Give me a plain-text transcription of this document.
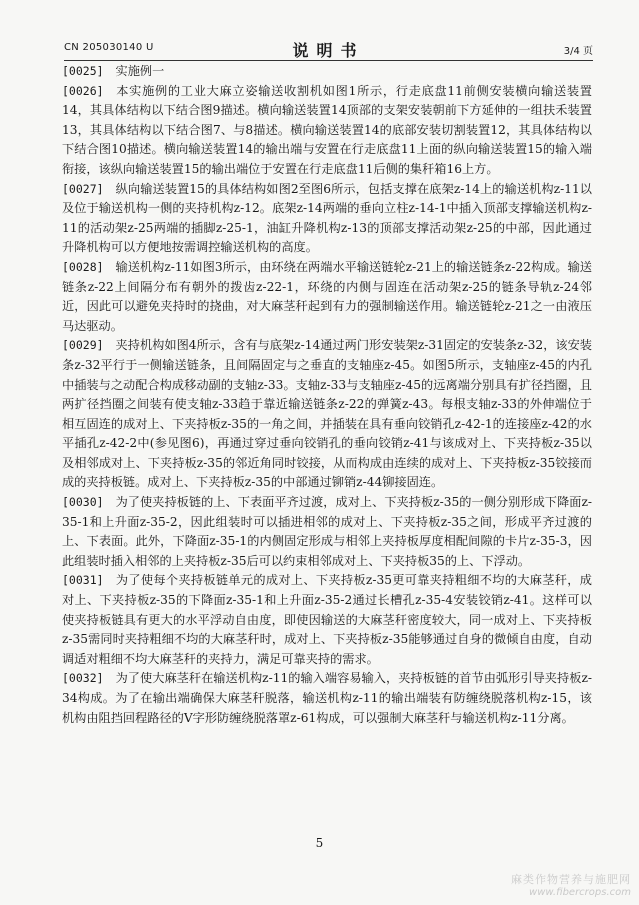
CN 205030140 U	说明书	3/4 页

[0025] 实施例一

[0026] 本实施例的工业大麻立姿输送收割机如图1所示，行走底盘11前侧安装横向输送装置14，其具体结构以下结合图9描述。横向输送装置14顶部的支架安装朝前下方延伸的一组扶禾装置13，其具体结构以下结合图7、与8描述。横向输送装置14的底部安装切割装置12，其具体结构以下结合图10描述。横向输送装置14的输出端与安置在行走底盘11上面的纵向输送装置15的输入端衔接，该纵向输送装置15的输出端位于安置在行走底盘11后侧的集秆箱16上方。

[0027] 纵向输送装置15的具体结构如图2至图6所示，包括支撑在底架z-14上的输送机构z-11以及位于输送机构一侧的夹持机构z-12。底架z-14两端的垂向立柱z-14-1中插入顶部支撑输送机构z-11的活动架z-25两端的插脚z-25-1，油缸升降机构z-13的顶部支撑活动架z-25的中部，因此通过升降机构可以方便地按需调控输送机构的高度。

[0028] 输送机构z-11如图3所示，由环绕在两端水平输送链轮z-21上的输送链条z-22构成。输送链条z-22上间隔分布有朝外的拨齿z-22-1，环绕的内侧与固连在活动架z-25的链条导轨z-24邻近，因此可以避免夹持时的挠曲，对大麻茎秆起到有力的强制输送作用。输送链轮z-21之一由液压马达驱动。

[0029] 夹持机构如图4所示，含有与底架z-14通过两门形安装架z-31固定的安装条z-32，该安装条z-32平行于一侧输送链条，且间隔固定与之垂直的支轴座z-45。如图5所示，支轴座z-45的内孔中插装与之动配合构成移动副的支轴z-33。支轴z-33与支轴座z-45的远离端分别具有扩径挡圈，且两扩径挡圈之间装有使支轴z-33趋于靠近输送链条z-22的弹簧z-43。每根支轴z-33的外伸端位于相互固连的成对上、下夹持板z-35的一角之间，并插装在具有垂向铰销孔z-42-1的连接座z-42的水平插孔z-42-2中(参见图6)，再通过穿过垂向铰销孔的垂向铰销z-41与该成对上、下夹持板z-35以及相邻成对上、下夹持板z-35的邻近角同时铰接，从而构成由连续的成对上、下夹持板z-35铰接而成的夹持板链。成对上、下夹持板z-35的中部通过铆销z-44铆接固连。

[0030] 为了使夹持板链的上、下表面平齐过渡，成对上、下夹持板z-35的一侧分别形成下降面z-35-1和上升面z-35-2，因此组装时可以插进相邻的成对上、下夹持板z-35之间，形成平齐过渡的上、下表面。此外，下降面z-35-1的内侧固定形成与相邻上夹持板厚度相配间隙的卡片z-35-3，因此组装时插入相邻的上夹持板z-35后可以约束相邻成对上、下夹持板35的上、下浮动。

[0031] 为了使每个夹持板链单元的成对上、下夹持板z-35更可靠夹持粗细不均的大麻茎秆，成对上、下夹持板z-35的下降面z-35-1和上升面z-35-2通过长槽孔z-35-4安装铰销z-41。这样可以使夹持板链具有更大的水平浮动自由度，即使因输送的大麻茎秆密度较大，同一成对上、下夹持板z-35需同时夹持粗细不均的大麻茎秆时，成对上、下夹持板z-35能够通过自身的微倾自由度，自动调适对粗细不均大麻茎秆的夹持力，满足可靠夹持的需求。

[0032] 为了使大麻茎秆在输送机构z-11的输入端容易输入，夹持板链的首节由弧形引导夹持板z-34构成。为了在输出端确保大麻茎秆脱落，输送机构z-11的输出端装有防缠绕脱落机构z-15，该机构由阻挡回程路径的V字形防缠绕脱落罩z-61构成，可以强制大麻茎秆与输送机构z-11分离。

5
麻类作物营养与施肥网
www.fibercrops.com
